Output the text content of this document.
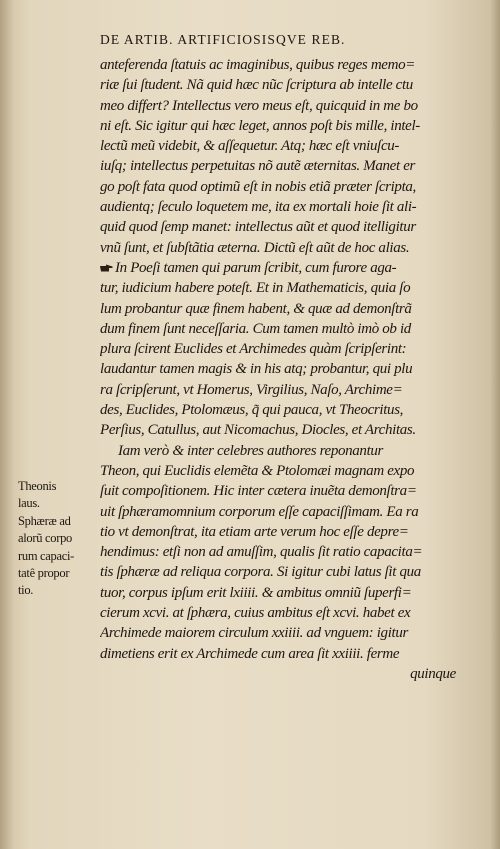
DE ARTIB. ARTIFICIOSISQVE REB.
anteferenda ſtatuis ac imaginibus, quibus reges memo=
riæ ſui ſtudent. Nã quid hæc nũc ſcriptura ab intelle ctu
meo differt? Intellectus vero meus eſt, quicquid in me bo
ni eſt. Sic igitur qui hæc leget, annos poſt bis mille, intel-
lectũ meũ videbit, & aſſequetur. Atq; hæc eſt vniuſcu-
iuſq; intellectus perpetuitas nõ autẽ æternitas. Manet er
go poſt fata quod optimũ eſt in nobis etiã præter ſcripta,
audientq; ſeculo loquetem me, ita ex mortali hoie ſit ali-
quid quod ſemp manet: intellectus aũt et quod itelligitur
vnũ ſunt, et ſubſtãtia æterna. Dictũ eſt aũt de hoc alias.
In Poeſi tamen qui parum ſcribit, cum furore aga-
tur, iudicium habere poteſt. Et in Mathematicis, quia ſo
lum probantur quæ finem habent, & quæ ad demonſtrã
dum finem ſunt neceſſaria. Cum tamen multò imò ob id
plura ſcirent Euclides et Archimedes quàm ſcripſerint:
laudantur tamen magis & in his atq; probantur, qui plu
ra ſcripſerunt, vt Homerus, Virgilius, Naſo, Archime=
des, Euclides, Ptolomæus, q̃ qui pauca, vt Theocritus,
Perſius, Catullus, aut Nicomachus, Diocles, et Architas.
Iam verò & inter celebres authores reponantur
Theon, qui Euclidis elemẽta & Ptolomæi magnam expo
ſuit compoſitionem. Hic inter cætera inuẽta demonſtra=
uit ſphæramomnium corporum eſſe capaciſſimam. Ea ra
tio vt demonſtrat, ita etiam arte verum hoc eſſe depre=
hendimus: etſi non ad amuſſim, qualis ſit ratio capacita=
tis ſphæræ ad reliqua corpora. Si igitur cubi latus ſit qua
tuor, corpus ipſum erit lxiiii. & ambitus omniũ ſuperfi=
cierum xcvi. at ſphæra, cuius ambitus eſt xcvi. habet ex
Archimede maiorem circulum xxiiii. ad vnguem: igitur
dimetiens erit ex Archimede cum area ſit xxiiii. ferme
quinque
Theonis
laus.
Sphæræ ad
alorũ corpo
rum capaci-
tatê propor
tio.
